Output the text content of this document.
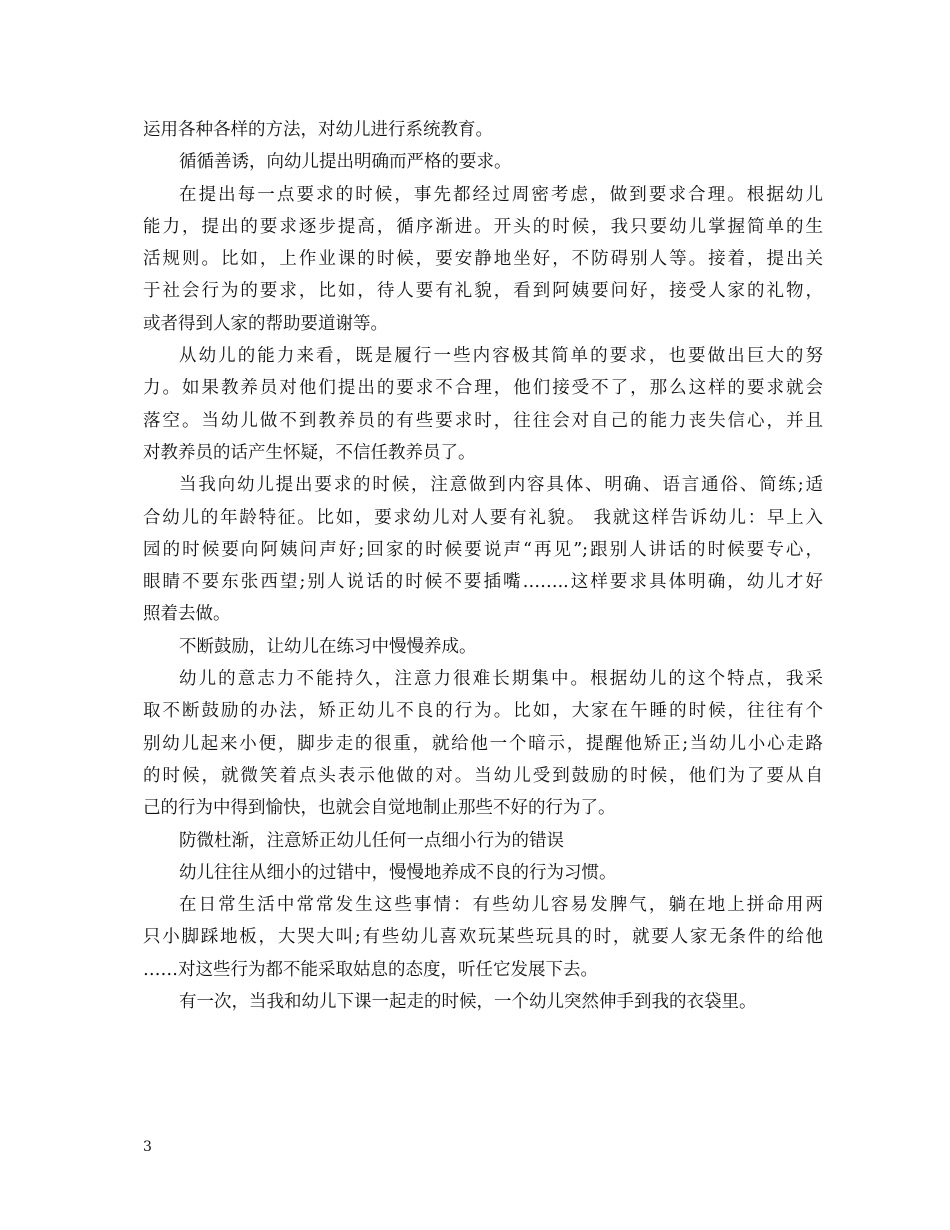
运用各种各样的方法，对幼儿进行系统教育。
循循善诱，向幼儿提出明确而严格的要求。
在提出每一点要求的时候，事先都经过周密考虑，做到要求合理。根据幼儿
能力，提出的要求逐步提高，循序渐进。开头的时候，我只要幼儿掌握简单的生
活规则。比如，上作业课的时候，要安静地坐好，不防碍别人等。接着，提出关
于社会行为的要求，比如，待人要有礼貌，看到阿姨要问好，接受人家的礼物，
或者得到人家的帮助要道谢等。
从幼儿的能力来看，既是履行一些内容极其简单的要求，也要做出巨大的努
力。如果教养员对他们提出的要求不合理，他们接受不了，那么这样的要求就会
落空。当幼儿做不到教养员的有些要求时，往往会对自己的能力丧失信心，并且
对教养员的话产生怀疑，不信任教养员了。
当我向幼儿提出要求的时候，注意做到内容具体、明确、语言通俗、简练;适
合幼儿的年龄特征。比如，要求幼儿对人要有礼貌。 我就这样告诉幼儿：早上入
园的时候要向阿姨问声好;回家的时候要说声“再见”;跟别人讲话的时候要专心，
眼睛不要东张西望;别人说话的时候不要插嘴……..这样要求具体明确，幼儿才好
照着去做。
不断鼓励，让幼儿在练习中慢慢养成。
幼儿的意志力不能持久，注意力很难长期集中。根据幼儿的这个特点，我采
取不断鼓励的办法，矫正幼儿不良的行为。比如，大家在午睡的时候，往往有个
别幼儿起来小便，脚步走的很重，就给他一个暗示，提醒他矫正;当幼儿小心走路
的时候，就微笑着点头表示他做的对。当幼儿受到鼓励的时候，他们为了要从自
己的行为中得到愉快，也就会自觉地制止那些不好的行为了。
防微杜渐，注意矫正幼儿任何一点细小行为的错误
幼儿往往从细小的过错中，慢慢地养成不良的行为习惯。
在日常生活中常常发生这些事情：有些幼儿容易发脾气，躺在地上拼命用两
只小脚踩地板，大哭大叫;有些幼儿喜欢玩某些玩具的时，就要人家无条件的给他
……对这些行为都不能采取姑息的态度，听任它发展下去。
有一次，当我和幼儿下课一起走的时候，一个幼儿突然伸手到我的衣袋里。
3
